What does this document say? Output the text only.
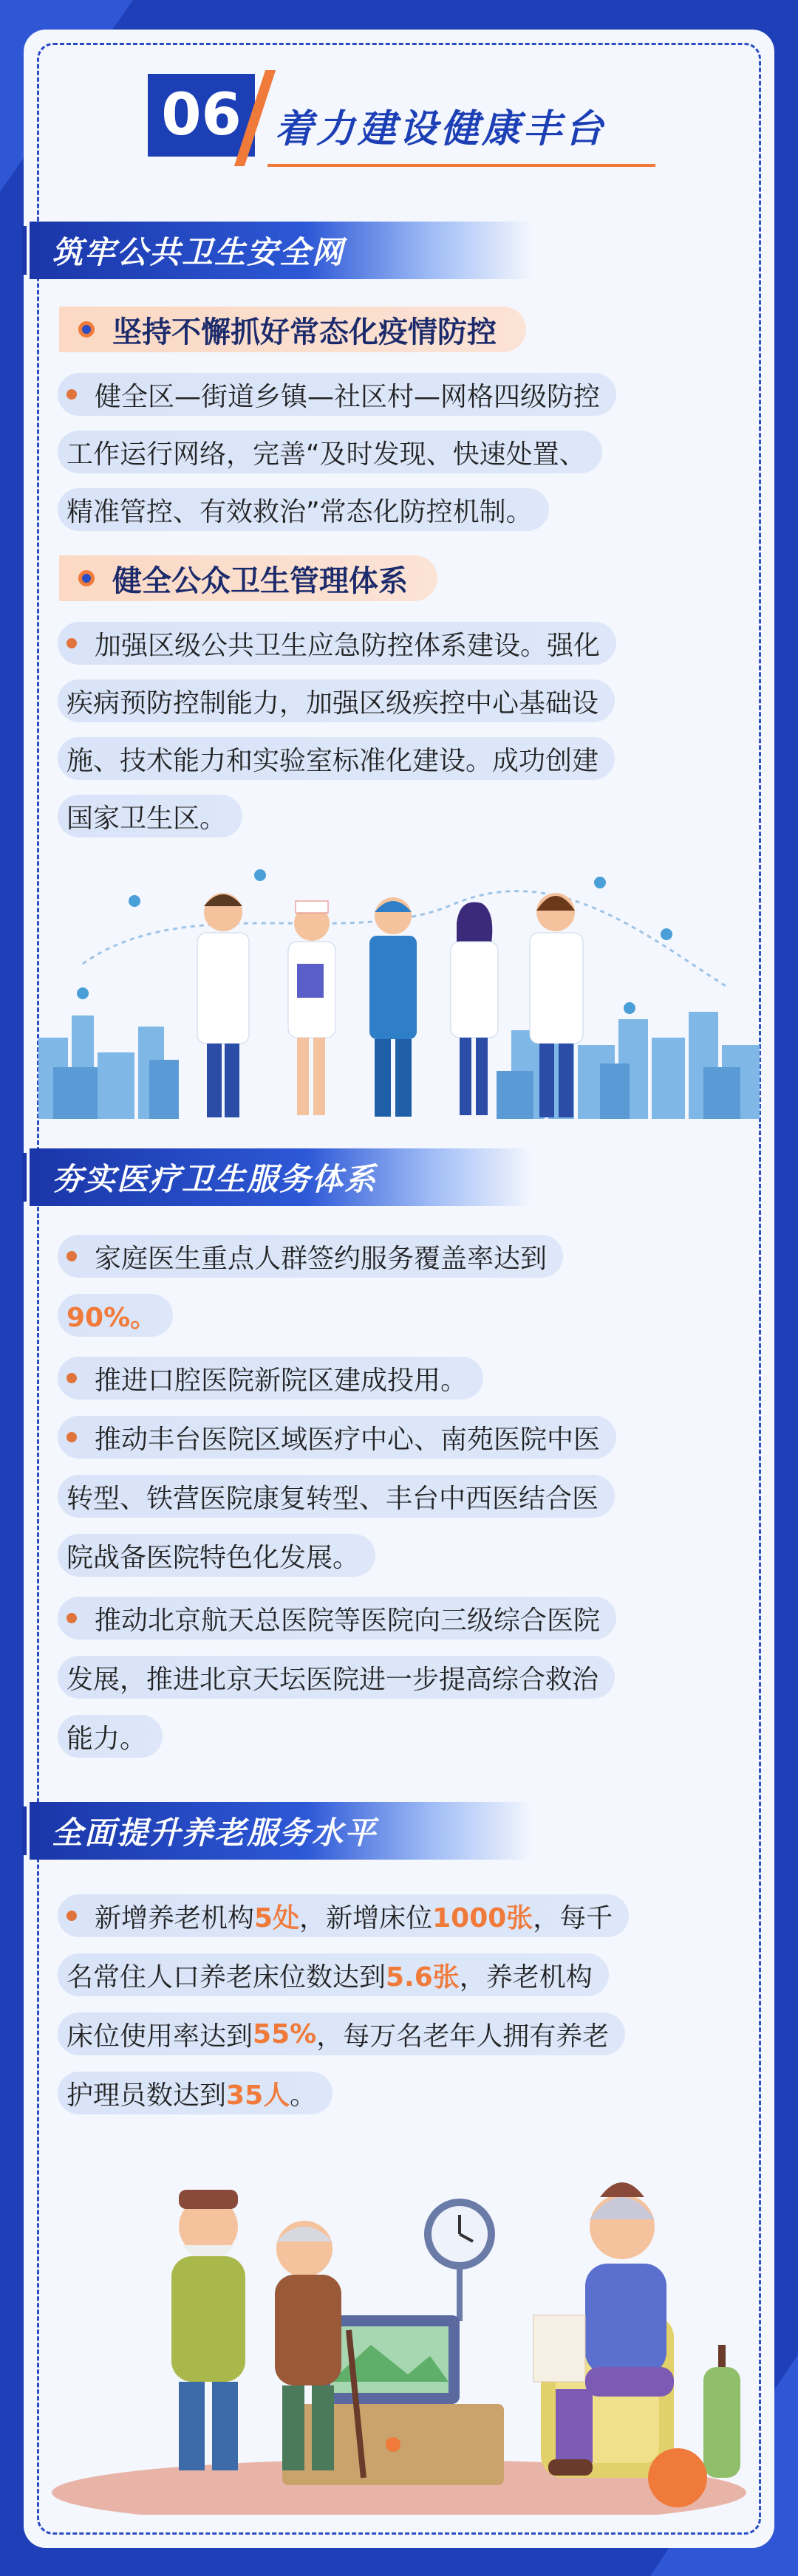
06 着力建设健康丰台
筑牢公共卫生安全网
坚持不懈抓好常态化疫情防控
健全区—街道乡镇—社区村—网格四级防控
工作运行网络，完善“及时发现、快速处置、
精准管控、有效救治”常态化防控机制。
健全公众卫生管理体系
加强区级公共卫生应急防控体系建设。强化
疾病预防控制能力，加强区级疾控中心基础设
施、技术能力和实验室标准化建设。成功创建
国家卫生区。
夯实医疗卫生服务体系
家庭医生重点人群签约服务覆盖率达到
90%。
推进口腔医院新院区建成投用。
推动丰台医院区域医疗中心、南苑医院中医
转型、铁营医院康复转型、丰台中西医结合医
院战备医院特色化发展。
推动北京航天总医院等医院向三级综合医院
发展，推进北京天坛医院进一步提高综合救治
能力。
全面提升养老服务水平
新增养老机构 5处 ，新增床位 1000张 ，每千
名常住人口养老床位数达到 5.6张 ，养老机构
床位使用率达到 55% ，每万名老年人拥有养老
护理员数达到 35人 。
